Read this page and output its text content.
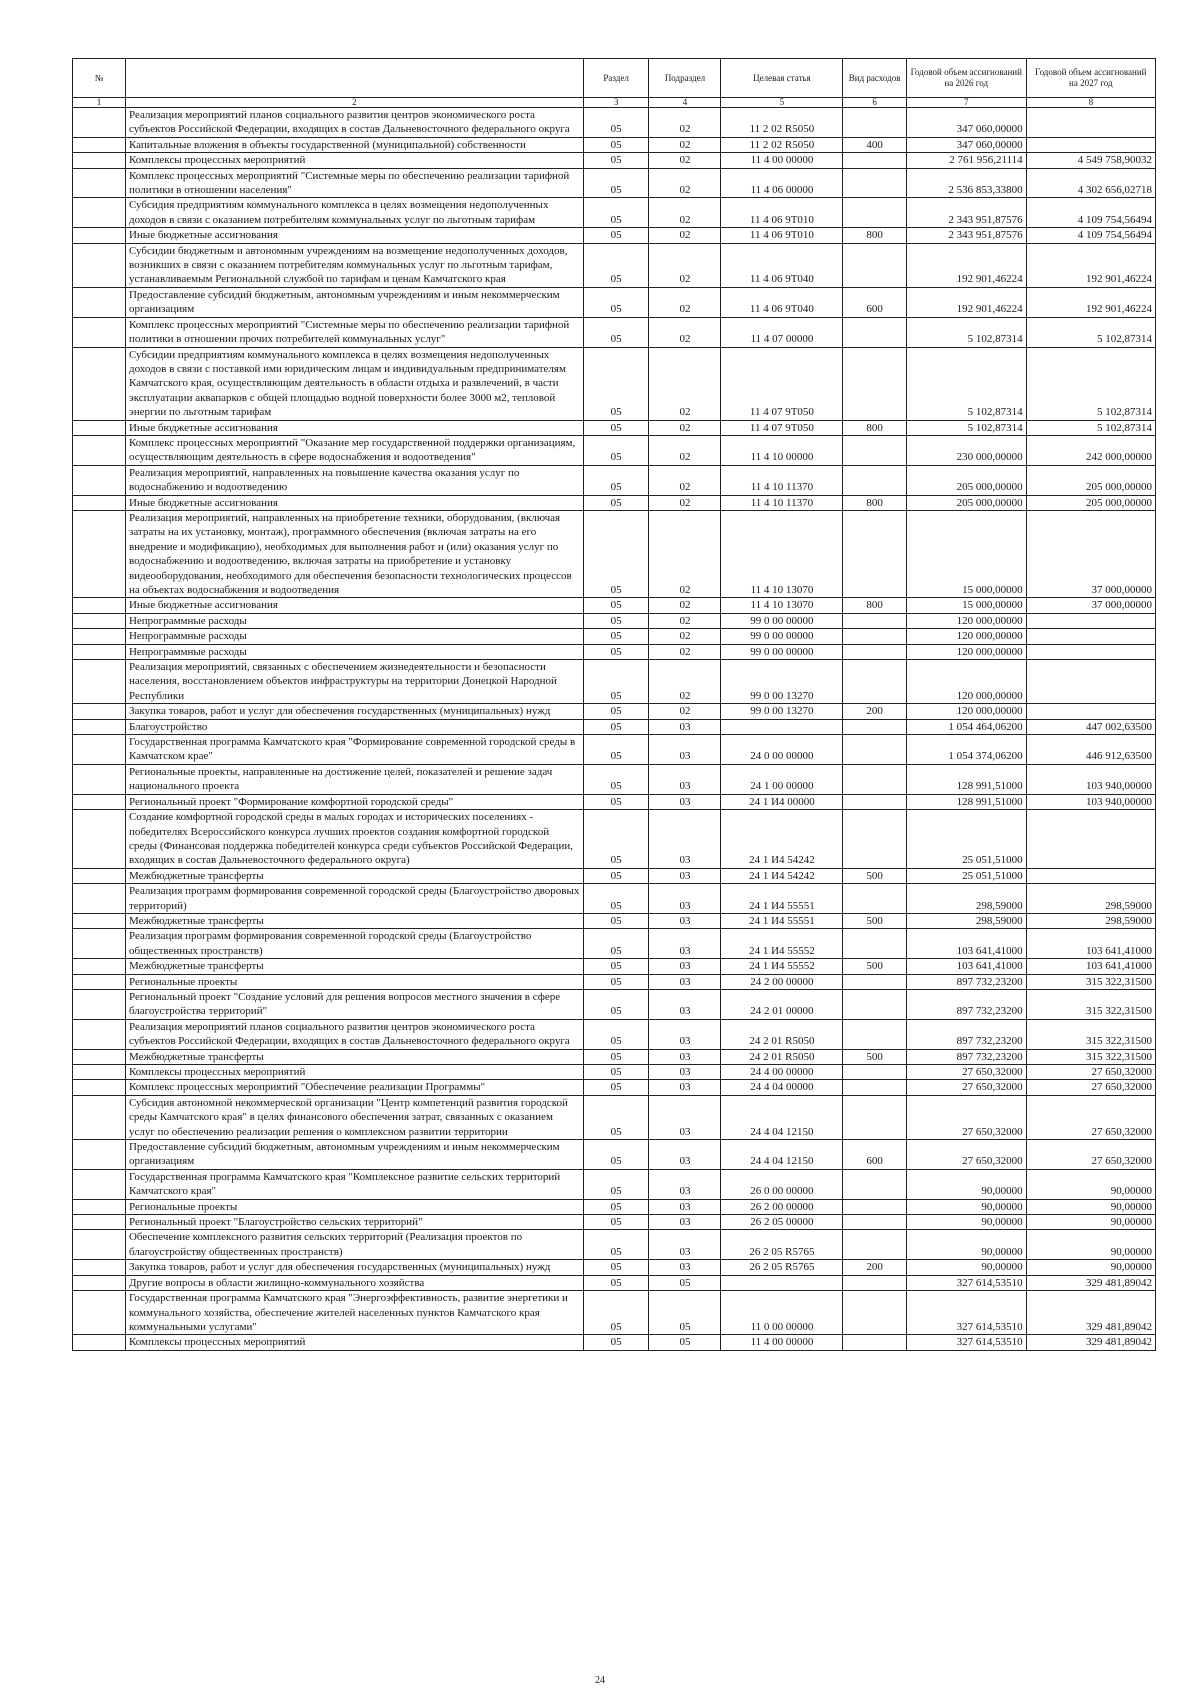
№		Раздел	Подраздел	Целевая статья	Вид расходов	Годовой объем ассигнований на 2026 год	Годовой объем ассигнований на 2027 год
1	2	3	4	5	6	7	8
	Реализация мероприятий планов социального развития центров экономического роста субъектов Российской Федерации, входящих в состав Дальневосточного федерального округа	05	02	11 2 02 R5050		347 060,00000	
	Капитальные вложения в объекты государственной (муниципальной) собственности	05	02	11 2 02 R5050	400	347 060,00000	
	Комплексы процессных мероприятий	05	02	11 4 00 00000		2 761 956,21114	4 549 758,90032
	Комплекс процессных мероприятий "Системные меры по обеспечению реализации тарифной политики в отношении населения"	05	02	11 4 06 00000		2 536 853,33800	4 302 656,02718
	Субсидия предприятиям коммунального комплекса в целях возмещения недополученных доходов в связи с оказанием потребителям коммунальных услуг по льготным тарифам	05	02	11 4 06 9Т010		2 343 951,87576	4 109 754,56494
	Иные бюджетные ассигнования	05	02	11 4 06 9Т010	800	2 343 951,87576	4 109 754,56494
	Субсидии бюджетным и автономным учреждениям на возмещение недополученных доходов, возникших в связи с оказанием потребителям коммунальных услуг по льготным тарифам, устанавливаемым Региональной службой по тарифам и ценам Камчатского края	05	02	11 4 06 9Т040		192 901,46224	192 901,46224
	Предоставление субсидий бюджетным, автономным учреждениям и иным некоммерческим организациям	05	02	11 4 06 9Т040	600	192 901,46224	192 901,46224
	Комплекс процессных мероприятий "Системные меры по обеспечению реализации тарифной политики в отношении прочих потребителей коммунальных услуг"	05	02	11 4 07 00000		5 102,87314	5 102,87314
	Субсидии предприятиям коммунального комплекса в целях возмещения недополученных доходов в связи с поставкой ими юридическим лицам и индивидуальным предпринимателям Камчатского края, осуществляющим деятельность в области отдыха и развлечений, в части эксплуатации аквапарков с общей площадью водной поверхности более 3000 м2, тепловой энергии по льготным тарифам	05	02	11 4 07 9Т050		5 102,87314	5 102,87314
	Иные бюджетные ассигнования	05	02	11 4 07 9Т050	800	5 102,87314	5 102,87314
	Комплекс процессных мероприятий "Оказание мер государственной поддержки организациям, осуществляющим деятельность в сфере водоснабжения и водоотведения"	05	02	11 4 10 00000		230 000,00000	242 000,00000
	Реализация мероприятий, направленных на повышение качества оказания услуг по водоснабжению и водоотведению	05	02	11 4 10 11370		205 000,00000	205 000,00000
	Иные бюджетные ассигнования	05	02	11 4 10 11370	800	205 000,00000	205 000,00000
	Реализация мероприятий, направленных на приобретение техники, оборудования, (включая затраты на их установку, монтаж), программного обеспечения (включая затраты на его внедрение и модификацию), необходимых для выполнения работ и (или) оказания услуг по водоснабжению и водоотведению, включая затраты на приобретение и установку видеооборудования, необходимого для обеспечения безопасности технологических процессов на объектах водоснабжения и водоотведения	05	02	11 4 10 13070		15 000,00000	37 000,00000
	Иные бюджетные ассигнования	05	02	11 4 10 13070	800	15 000,00000	37 000,00000
	Непрограммные расходы	05	02	99 0 00 00000		120 000,00000	
	Непрограммные расходы	05	02	99 0 00 00000		120 000,00000	
	Непрограммные расходы	05	02	99 0 00 00000		120 000,00000	
	Реализация мероприятий, связанных с обеспечением жизнедеятельности и безопасности населения, восстановлением объектов инфраструктуры на территории Донецкой Народной Республики	05	02	99 0 00 13270		120 000,00000	
	Закупка товаров, работ и услуг для обеспечения государственных (муниципальных) нужд	05	02	99 0 00 13270	200	120 000,00000	
	Благоустройство	05	03			1 054 464,06200	447 002,63500
	Государственная программа Камчатского края "Формирование современной городской среды в Камчатском крае"	05	03	24 0 00 00000		1 054 374,06200	446 912,63500
	Региональные проекты, направленные на достижение целей, показателей и решение задач национального проекта	05	03	24 1 00 00000		128 991,51000	103 940,00000
	Региональный проект "Формирование комфортной городской среды"	05	03	24 1 И4 00000		128 991,51000	103 940,00000
	Создание комфортной городской среды в малых городах и исторических поселениях - победителях Всероссийского конкурса лучших проектов создания комфортной городской среды (Финансовая поддержка победителей конкурса среди субъектов Российской Федерации, входящих в состав Дальневосточного федерального округа)	05	03	24 1 И4 54242		25 051,51000	
	Межбюджетные трансферты	05	03	24 1 И4 54242	500	25 051,51000	
	Реализация программ формирования современной городской среды (Благоустройство дворовых территорий)	05	03	24 1 И4 55551		298,59000	298,59000
	Межбюджетные трансферты	05	03	24 1 И4 55551	500	298,59000	298,59000
	Реализация программ формирования современной городской среды (Благоустройство общественных пространств)	05	03	24 1 И4 55552		103 641,41000	103 641,41000
	Межбюджетные трансферты	05	03	24 1 И4 55552	500	103 641,41000	103 641,41000
	Региональные проекты	05	03	24 2 00 00000		897 732,23200	315 322,31500
	Региональный проект "Создание условий для решения вопросов местного значения в сфере благоустройства территорий"	05	03	24 2 01 00000		897 732,23200	315 322,31500
	Реализация мероприятий планов социального развития центров экономического роста субъектов Российской Федерации, входящих в состав Дальневосточного федерального округа	05	03	24 2 01 R5050		897 732,23200	315 322,31500
	Межбюджетные трансферты	05	03	24 2 01 R5050	500	897 732,23200	315 322,31500
	Комплексы процессных мероприятий	05	03	24 4 00 00000		27 650,32000	27 650,32000
	Комплекс процессных мероприятий "Обеспечение реализации Программы"	05	03	24 4 04 00000		27 650,32000	27 650,32000
	Субсидия автономной некоммерческой организации "Центр компетенций развития городской среды Камчатского края" в целях финансового обеспечения затрат, связанных с оказанием услуг по обеспечению реализации решения о комплексном развитии территории	05	03	24 4 04 12150		27 650,32000	27 650,32000
	Предоставление субсидий бюджетным, автономным учреждениям и иным некоммерческим организациям	05	03	24 4 04 12150	600	27 650,32000	27 650,32000
	Государственная программа Камчатского края "Комплексное развитие сельских территорий Камчатского края"	05	03	26 0 00 00000		90,00000	90,00000
	Региональные проекты	05	03	26 2 00 00000		90,00000	90,00000
	Региональный проект "Благоустройство сельских территорий"	05	03	26 2 05 00000		90,00000	90,00000
	Обеспечение комплексного развития сельских территорий (Реализация проектов по благоустройству общественных пространств)	05	03	26 2 05 R5765		90,00000	90,00000
	Закупка товаров, работ и услуг для обеспечения государственных (муниципальных) нужд	05	03	26 2 05 R5765	200	90,00000	90,00000
	Другие вопросы в области жилищно-коммунального хозяйства	05	05			327 614,53510	329 481,89042
	Государственная программа Камчатского края "Энергоэффективность, развитие энергетики и коммунального хозяйства, обеспечение жителей населенных пунктов Камчатского края коммунальными услугами"	05	05	11 0 00 00000		327 614,53510	329 481,89042
	Комплексы процессных мероприятий	05	05	11 4 00 00000		327 614,53510	329 481,89042
24
